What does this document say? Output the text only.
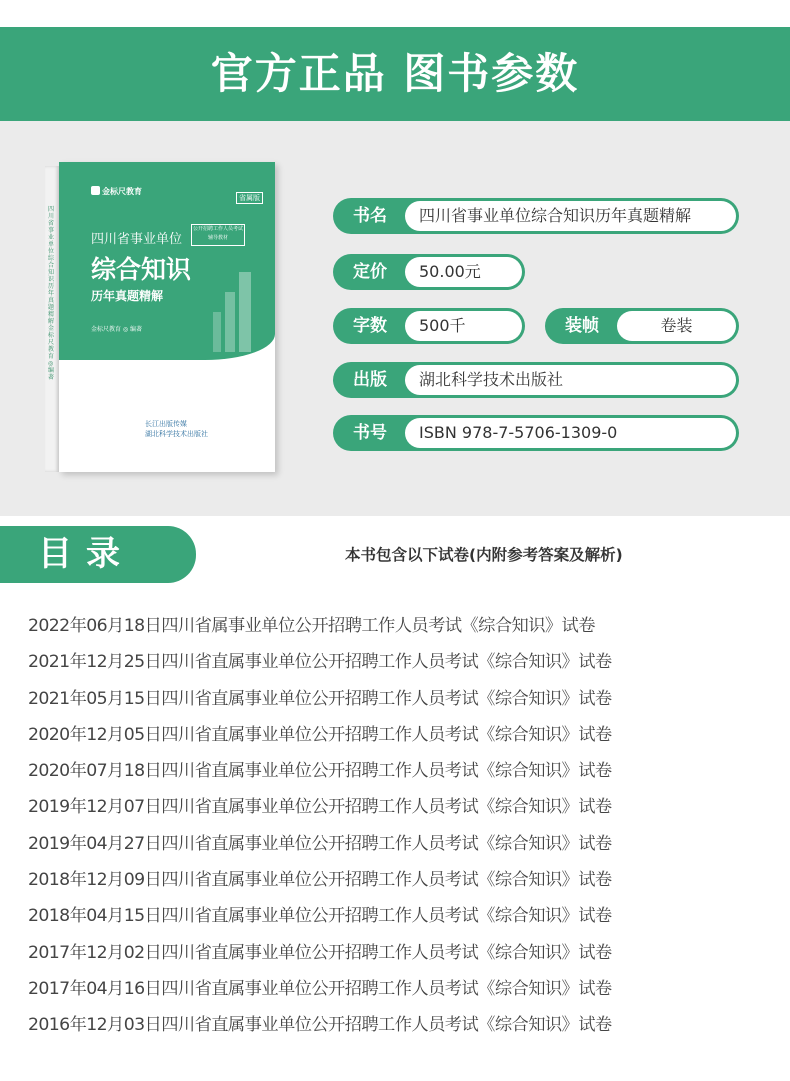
官方正品 图书参数
四川省事业单位 综合知识 历年真题精解 金标尺教育 ◎ 编著
金标尺教育
省属版
四川省事业单位
公开招聘工作人员考试辅导教材
综合知识
历年真题精解
金标尺教育 ◎ 编著
长江出版传媒
湖北科学技术出版社
书名	四川省事业单位综合知识历年真题精解
定价	50.00元
字数	500千	装帧	卷装
出版	湖北科学技术出版社
书号	ISBN 978-7-5706-1309-0
目录	本书包含以下试卷(内附参考答案及解析)
2022年06月18日四川省属事业单位公开招聘工作人员考试《综合知识》试卷
2021年12月25日四川省直属事业单位公开招聘工作人员考试《综合知识》试卷
2021年05月15日四川省直属事业单位公开招聘工作人员考试《综合知识》试卷
2020年12月05日四川省直属事业单位公开招聘工作人员考试《综合知识》试卷
2020年07月18日四川省直属事业单位公开招聘工作人员考试《综合知识》试卷
2019年12月07日四川省直属事业单位公开招聘工作人员考试《综合知识》试卷
2019年04月27日四川省直属事业单位公开招聘工作人员考试《综合知识》试卷
2018年12月09日四川省直属事业单位公开招聘工作人员考试《综合知识》试卷
2018年04月15日四川省直属事业单位公开招聘工作人员考试《综合知识》试卷
2017年12月02日四川省直属事业单位公开招聘工作人员考试《综合知识》试卷
2017年04月16日四川省直属事业单位公开招聘工作人员考试《综合知识》试卷
2016年12月03日四川省直属事业单位公开招聘工作人员考试《综合知识》试卷
